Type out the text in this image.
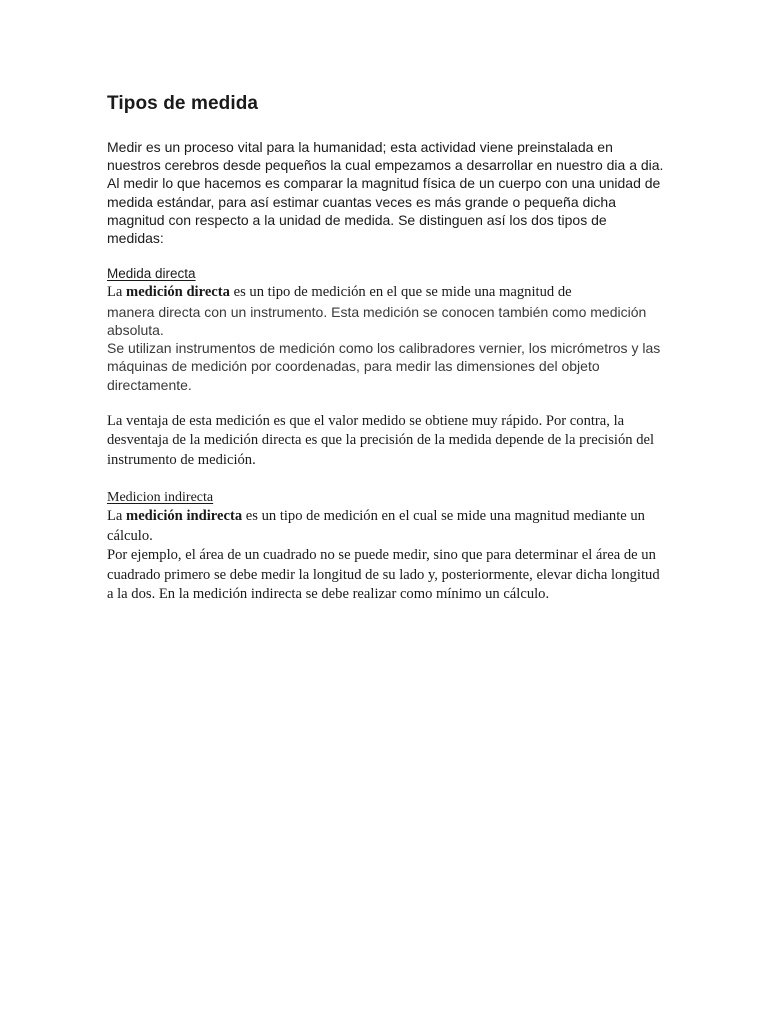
Tipos de medida

Medir es un proceso vital para la humanidad; esta actividad viene preinstalada en nuestros cerebros desde pequeños la cual empezamos a desarrollar en nuestro dia a dia.

Al medir lo que hacemos es comparar la magnitud física de un cuerpo con una unidad de medida estándar, para así estimar cuantas veces es más grande o pequeña dicha magnitud con respecto a la unidad de medida. Se distinguen así los dos tipos de medidas:

Medida directa

La medición directa es un tipo de medición en el que se mide una magnitud de

manera directa con un instrumento. Esta medición se conocen también como medición absoluta.

Se utilizan instrumentos de medición como los calibradores vernier, los micrómetros y las máquinas de medición por coordenadas, para medir las dimensiones del objeto directamente.

La ventaja de esta medición es que el valor medido se obtiene muy rápido. Por contra, la desventaja de la medición directa es que la precisión de la medida depende de la precisión del instrumento de medición.

Medicion indirecta

La medición indirecta es un tipo de medición en el cual se mide una magnitud mediante un cálculo.

Por ejemplo, el área de un cuadrado no se puede medir, sino que para determinar el área de un cuadrado primero se debe medir la longitud de su lado y, posteriormente, elevar dicha longitud a la dos. En la medición indirecta se debe realizar como mínimo un cálculo.
